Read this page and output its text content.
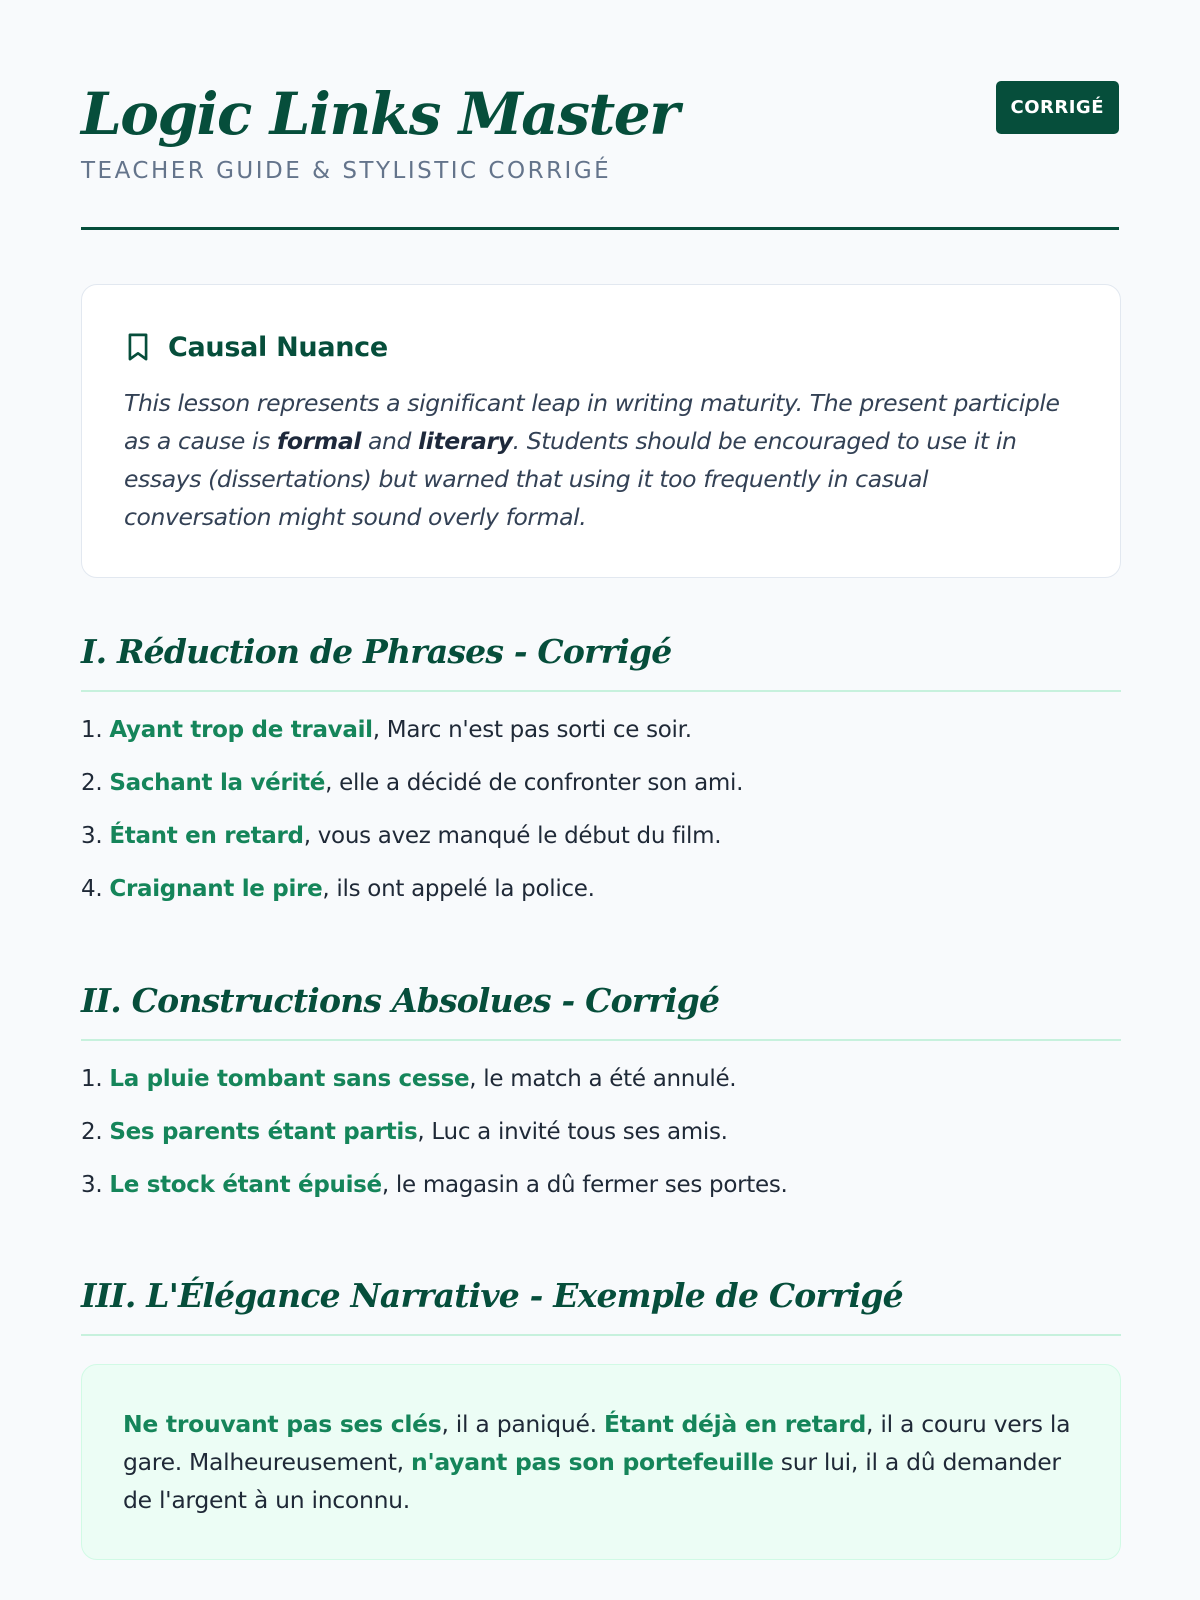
Logic Links Master
TEACHER GUIDE & STYLISTIC CORRIGÉ
CORRIGÉ
Causal Nuance
This lesson represents a significant leap in writing maturity. The present participle as a cause is formal and literary. Students should be encouraged to use it in essays (dissertations) but warned that using it too frequently in casual conversation might sound overly formal.
I. Réduction de Phrases - Corrigé
1. Ayant trop de travail, Marc n'est pas sorti ce soir.
2. Sachant la vérité, elle a décidé de confronter son ami.
3. Étant en retard, vous avez manqué le début du film.
4. Craignant le pire, ils ont appelé la police.
II. Constructions Absolues - Corrigé
1. La pluie tombant sans cesse, le match a été annulé.
2. Ses parents étant partis, Luc a invité tous ses amis.
3. Le stock étant épuisé, le magasin a dû fermer ses portes.
III. L'Élégance Narrative - Exemple de Corrigé
Ne trouvant pas ses clés, il a paniqué. Étant déjà en retard, il a couru vers la gare. Malheureusement, n'ayant pas son portefeuille sur lui, il a dû demander de l'argent à un inconnu.
